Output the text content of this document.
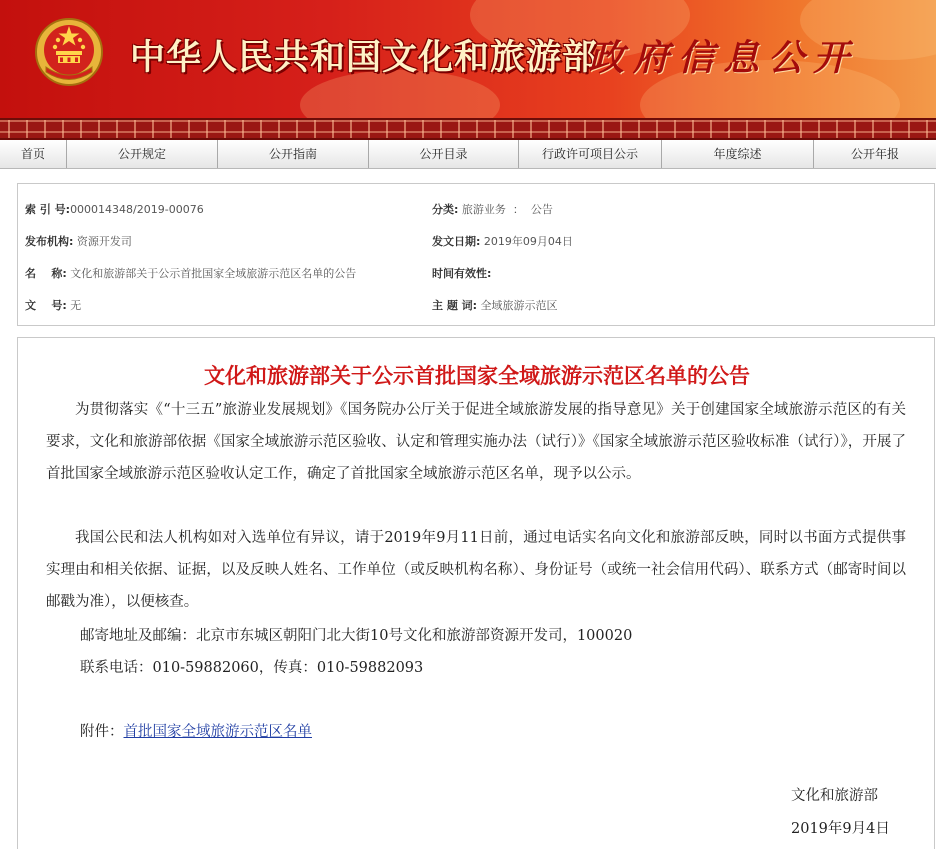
中华人民共和国文化和旅游部
政府信息公开
首页	公开规定	公开指南	公开目录	行政许可项目公示	年度综述	公开年报
索 引 号:000014348/2019-00076	分类: 旅游业务  ：  公告
发布机构: 资源开发司	发文日期: 2019年09月04日
名    称: 文化和旅游部关于公示首批国家全域旅游示范区名单的公告	时间有效性:
文    号: 无	主 题 词: 全域旅游示范区
文化和旅游部关于公示首批国家全域旅游示范区名单的公告

为贯彻落实《“十三五”旅游业发展规划》《国务院办公厅关于促进全域旅游发展的指导意见》关于创建国家全域旅游示范区的有关要求，文化和旅游部依据《国家全域旅游示范区验收、认定和管理实施办法（试行）》《国家全域旅游示范区验收标准（试行）》，开展了首批国家全域旅游示范区验收认定工作，确定了首批国家全域旅游示范区名单，现予以公示。

我国公民和法人机构如对入选单位有异议，请于2019年9月11日前，通过电话实名向文化和旅游部反映，同时以书面方式提供事实理由和相关依据、证据，以及反映人姓名、工作单位（或反映机构名称）、身份证号（或统一社会信用代码）、联系方式（邮寄时间以邮戳为准），以便核查。

邮寄地址及邮编：北京市东城区朝阳门北大街10号文化和旅游部资源开发司，100020
联系电话：010-59882060，传真：010-59882093
附件：首批国家全域旅游示范区名单
文化和旅游部
2019年9月4日
